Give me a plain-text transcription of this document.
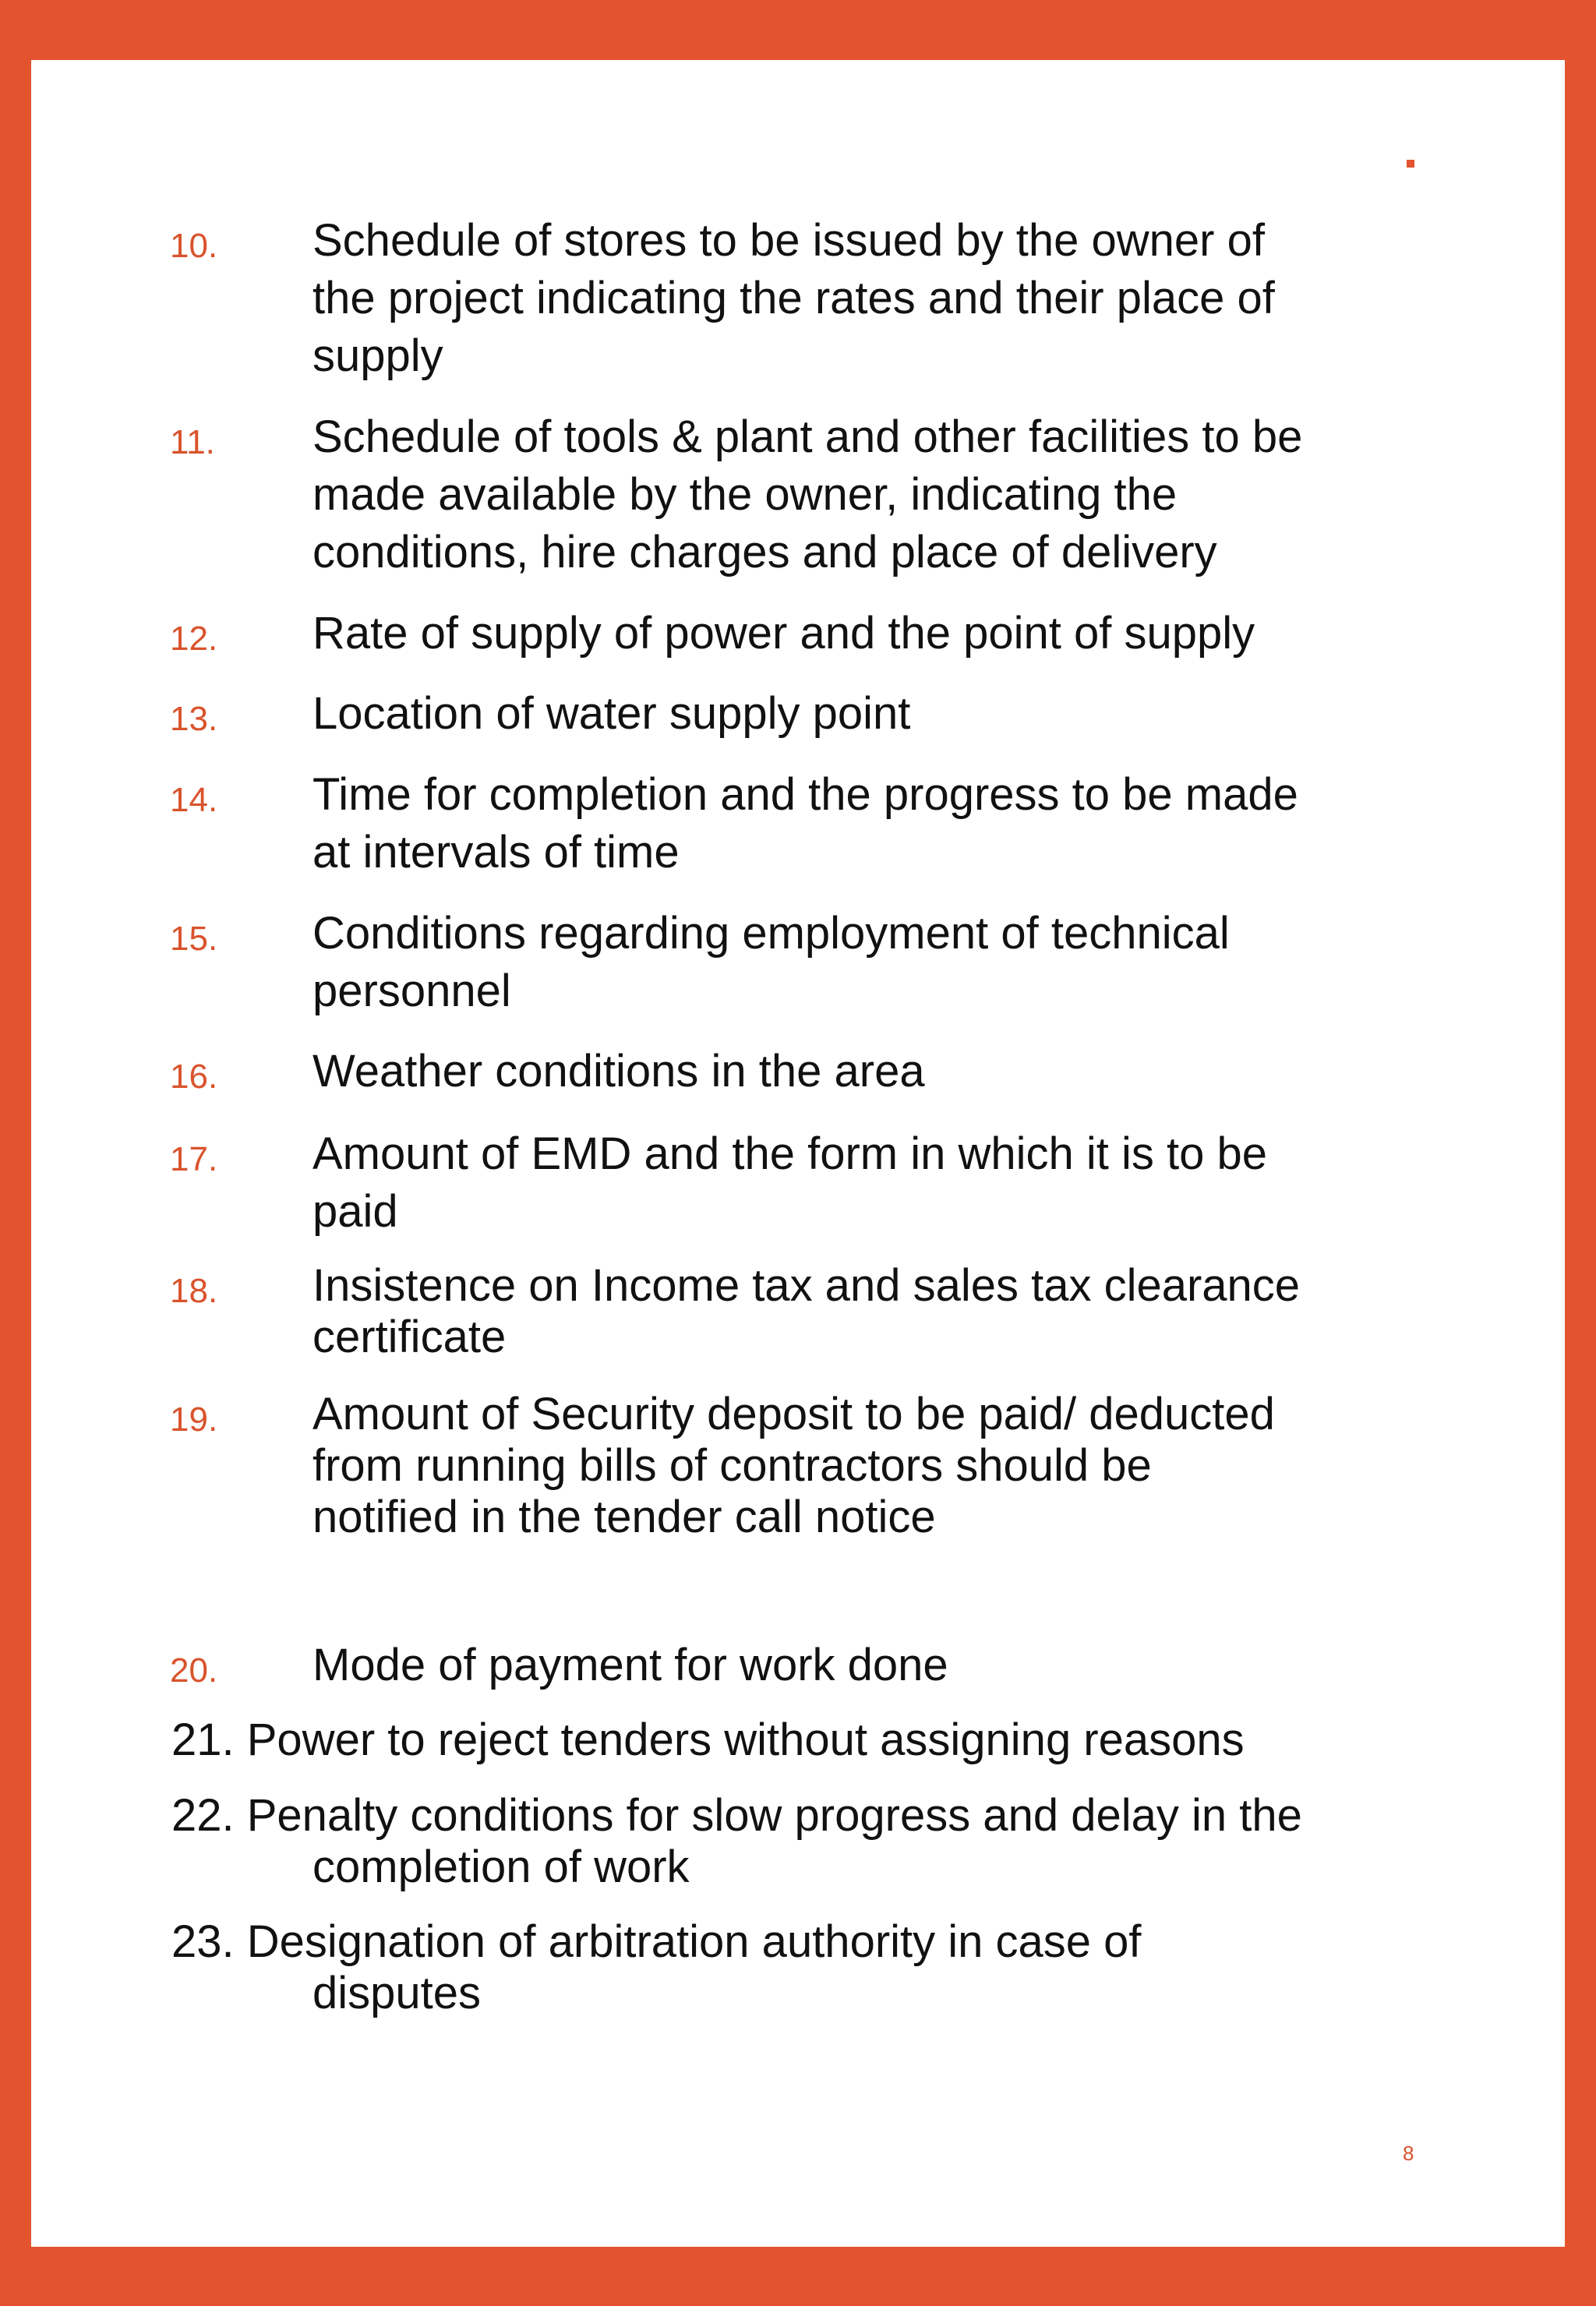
10. Schedule of stores to be issued by the owner of
the project indicating the rates and their place of
supply
11. Schedule of tools & plant and other facilities to be
made available by the owner, indicating the
conditions, hire charges and place of delivery
12. Rate of supply of power and the point of supply
13. Location of water supply point
14. Time for completion and the progress to be made
at intervals of time
15. Conditions regarding employment of technical
personnel
16. Weather conditions in the area
17. Amount of EMD and the form in which it is to be
paid
18. Insistence on Income tax and sales tax clearance
certificate
19. Amount of Security deposit to be paid/ deducted
from running bills of contractors should be
notified in the tender call notice
20. Mode of payment for work done
21. Power to reject tenders without assigning reasons
22. Penalty conditions for slow progress and delay in the
completion of work
23. Designation of arbitration authority in case of
disputes
8
